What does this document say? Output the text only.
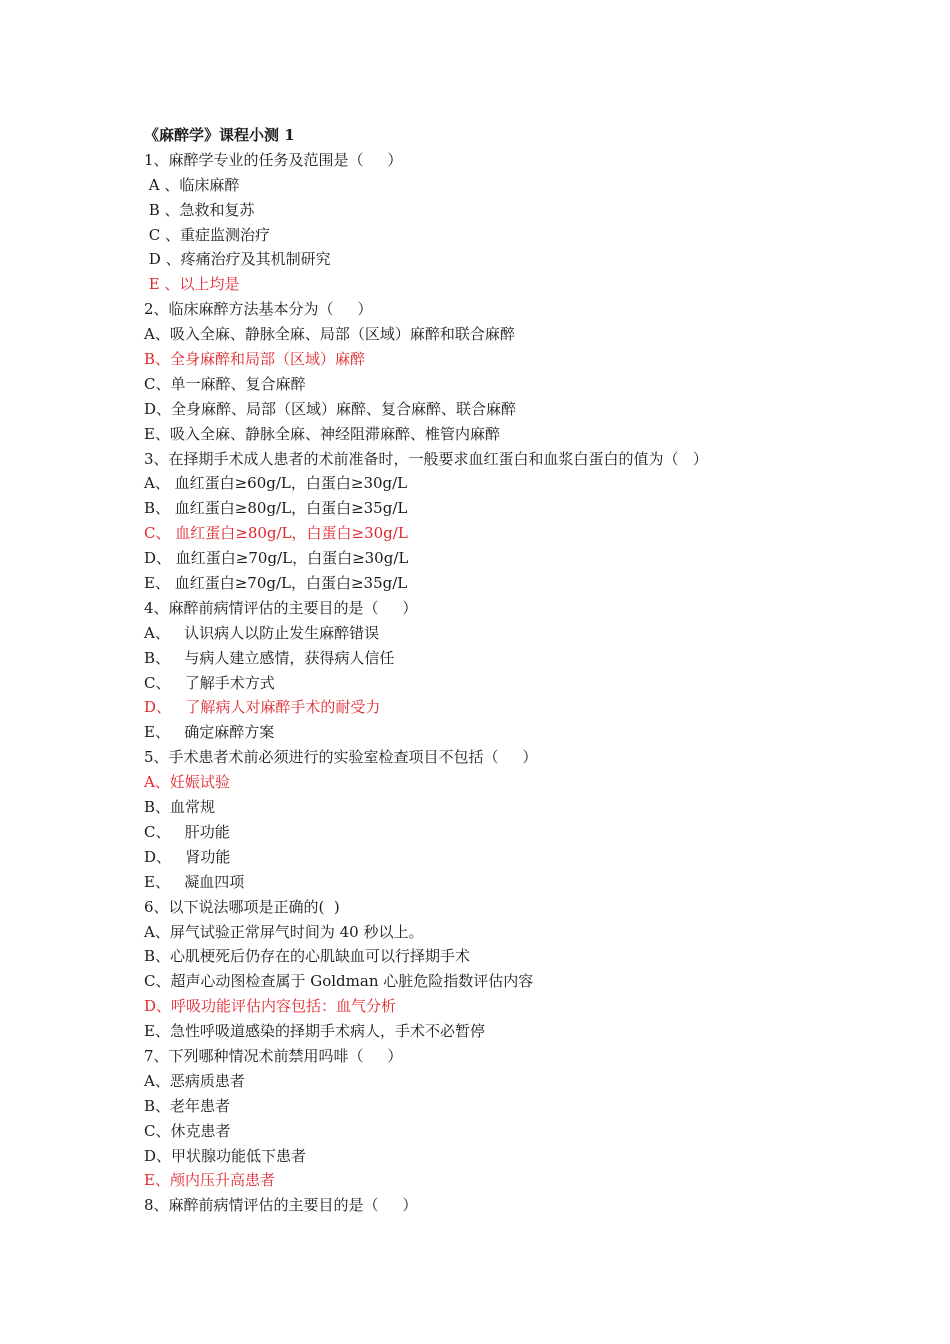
《麻醉学》课程小测 1
1、麻醉学专业的任务及范围是（     ）
A 、临床麻醉
B 、急救和复苏
C 、重症监测治疗
D 、疼痛治疗及其机制研究
E 、以上均是
2、临床麻醉方法基本分为（     ）
A、吸入全麻、静脉全麻、局部（区域）麻醉和联合麻醉
B、全身麻醉和局部（区域）麻醉
C、单一麻醉、复合麻醉
D、全身麻醉、局部（区域）麻醉、复合麻醉、联合麻醉
E、吸入全麻、静脉全麻、神经阻滞麻醉、椎管内麻醉
3、在择期手术成人患者的术前准备时，一般要求血红蛋白和血浆白蛋白的值为（   ）
A、 血红蛋白≥60g/L，白蛋白≥30g/L
B、 血红蛋白≥80g/L，白蛋白≥35g/L
C、 血红蛋白≥80g/L，白蛋白≥30g/L
D、 血红蛋白≥70g/L，白蛋白≥30g/L
E、 血红蛋白≥70g/L，白蛋白≥35g/L
4、麻醉前病情评估的主要目的是（     ）
A、   认识病人以防止发生麻醉错误
B、   与病人建立感情，获得病人信任
C、   了解手术方式
D、   了解病人对麻醉手术的耐受力
E、   确定麻醉方案
5、手术患者术前必须进行的实验室检查项目不包括（     ）
A、妊娠试验
B、血常规
C、   肝功能
D、   肾功能
E、   凝血四项
6、以下说法哪项是正确的(  )
A、屏气试验正常屏气时间为 40 秒以上。
B、心肌梗死后仍存在的心肌缺血可以行择期手术
C、超声心动图检查属于 Goldman 心脏危险指数评估内容
D、呼吸功能评估内容包括：血气分析
E、急性呼吸道感染的择期手术病人，手术不必暂停
7、下列哪种情况术前禁用吗啡（     ）
A、恶病质患者
B、老年患者
C、休克患者
D、甲状腺功能低下患者
E、颅内压升高患者
8、麻醉前病情评估的主要目的是（     ）
